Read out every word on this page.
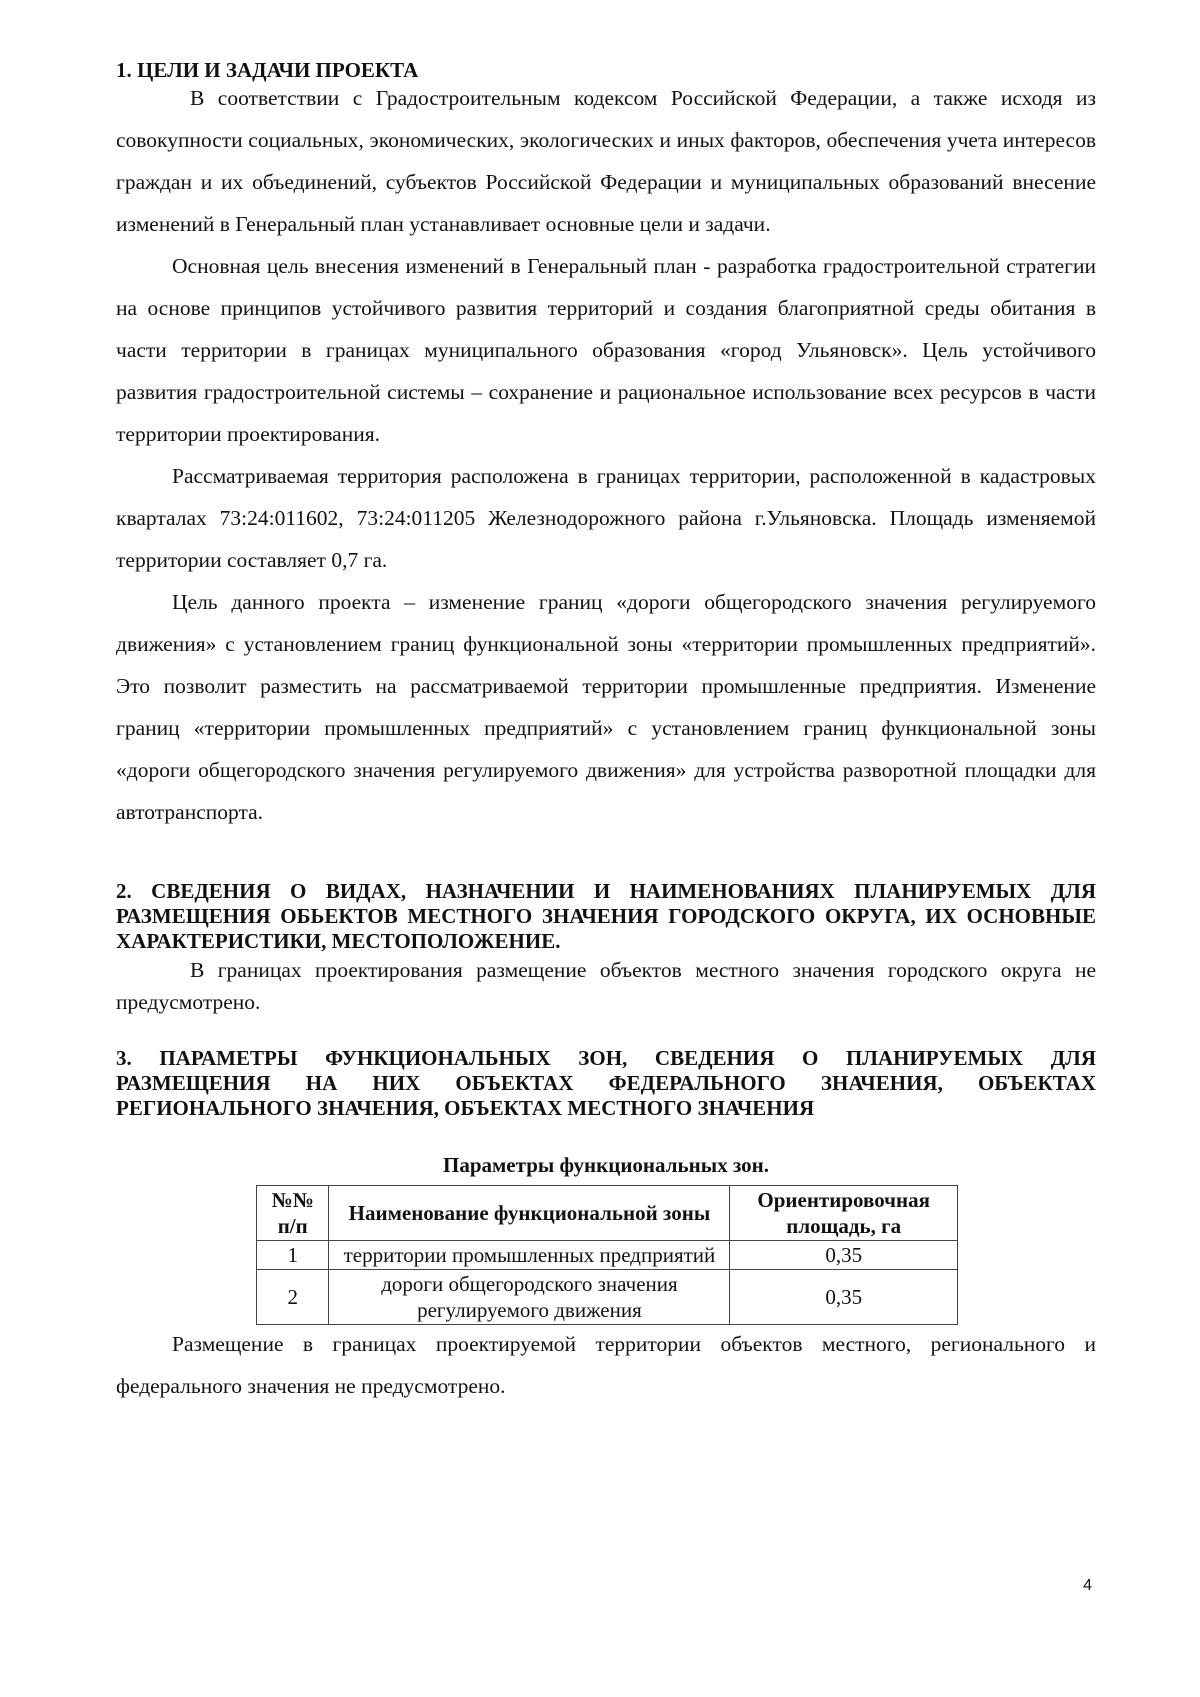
1. ЦЕЛИ И ЗАДАЧИ ПРОЕКТА

В соответствии с Градостроительным кодексом Российской Федерации, а также исходя из совокупности социальных, экономических, экологических и иных факторов, обеспечения учета интересов граждан и их объединений, субъектов Российской Федерации и муниципальных образований внесение изменений в Генеральный план устанавливает основные цели и задачи.

Основная цель внесения изменений в Генеральный план - разработка градостроительной стратегии на основе принципов устойчивого развития территорий и создания благоприятной среды обитания в части территории в границах муниципального образования «город Ульяновск». Цель устойчивого развития градостроительной системы – сохранение и рациональное использование всех ресурсов в части территории проектирования.

Рассматриваемая территория расположена в границах территории, расположенной в кадастровых кварталах 73:24:011602, 73:24:011205 Железнодорожного района г.Ульяновска. Площадь изменяемой территории составляет 0,7 га.

Цель данного проекта – изменение границ «дороги общегородского значения регулируемого движения» с установлением границ функциональной зоны «территории промышленных предприятий». Это позволит разместить на рассматриваемой территории промышленные предприятия. Изменение границ «территории промышленных предприятий» с установлением границ функциональной зоны «дороги общегородского значения регулируемого движения» для устройства разворотной площадки для автотранспорта.

2. СВЕДЕНИЯ О ВИДАХ, НАЗНАЧЕНИИ И НАИМЕНОВАНИЯХ ПЛАНИРУЕМЫХ ДЛЯ РАЗМЕЩЕНИЯ ОБЬЕКТОВ МЕСТНОГО ЗНАЧЕНИЯ ГОРОДСКОГО ОКРУГА, ИХ ОСНОВНЫЕ ХАРАКТЕРИСТИКИ, МЕСТОПОЛОЖЕНИЕ.

В границах проектирования размещение объектов местного значения городского округа не предусмотрено.

3. ПАРАМЕТРЫ ФУНКЦИОНАЛЬНЫХ ЗОН, СВЕДЕНИЯ О ПЛАНИРУЕМЫХ ДЛЯ РАЗМЕЩЕНИЯ НА НИХ ОБЪЕКТАХ ФЕДЕРАЛЬНОГО ЗНАЧЕНИЯ, ОБЪЕКТАХ РЕГИОНАЛЬНОГО ЗНАЧЕНИЯ, ОБЪЕКТАХ МЕСТНОГО ЗНАЧЕНИЯ
Параметры функциональных зон.
№№ п/п	Наименование функциональной зоны	Ориентировочная площадь, га
1	территории промышленных предприятий	0,35
2	дороги общегородского значения регулируемого движения	0,35

Размещение в границах проектируемой территории объектов местного, регионального и федерального значения не предусмотрено.

4
